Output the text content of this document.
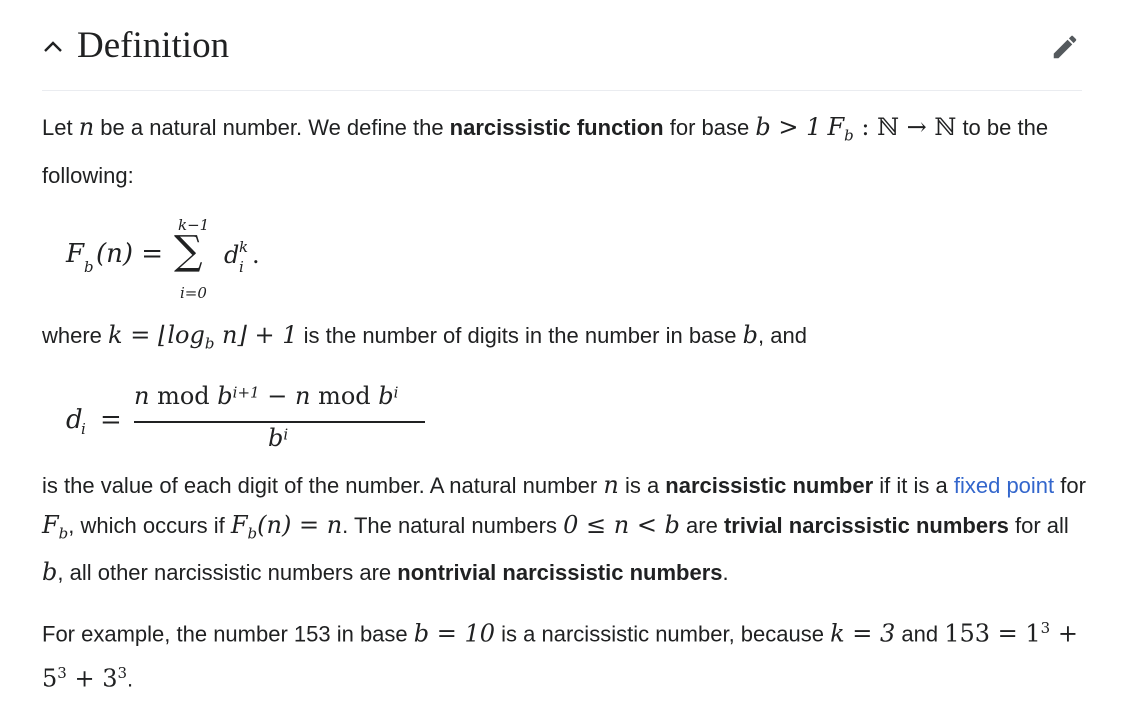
Definition

Let n be a natural number. We define the narcissistic function for base b > 1 $F_b$ : ℕ → ℕ to be the following:

F b (n) =
k−1
∑
i=0
d k
i .

where $k = ⌊\log_b$ n⌋ + 1 is the number of digits in the number in base b, and

d
i =
n mod $b^{i+1} - n$ mod $b^i$
$b^i$

is the value of each digit of the number. A natural number n is a narcissistic number if it is a fixed point for $F_b$, which occurs if $F_b(n) = n$. The natural numbers 0 ≤ n < b are trivial narcissistic numbers for all b, all other narcissistic numbers are nontrivial narcissistic numbers.

For example, the number 153 in base b = 10 is a narcissistic number, because k = 3 and $153 = 1^3 + 5^3 + 3^3$.
